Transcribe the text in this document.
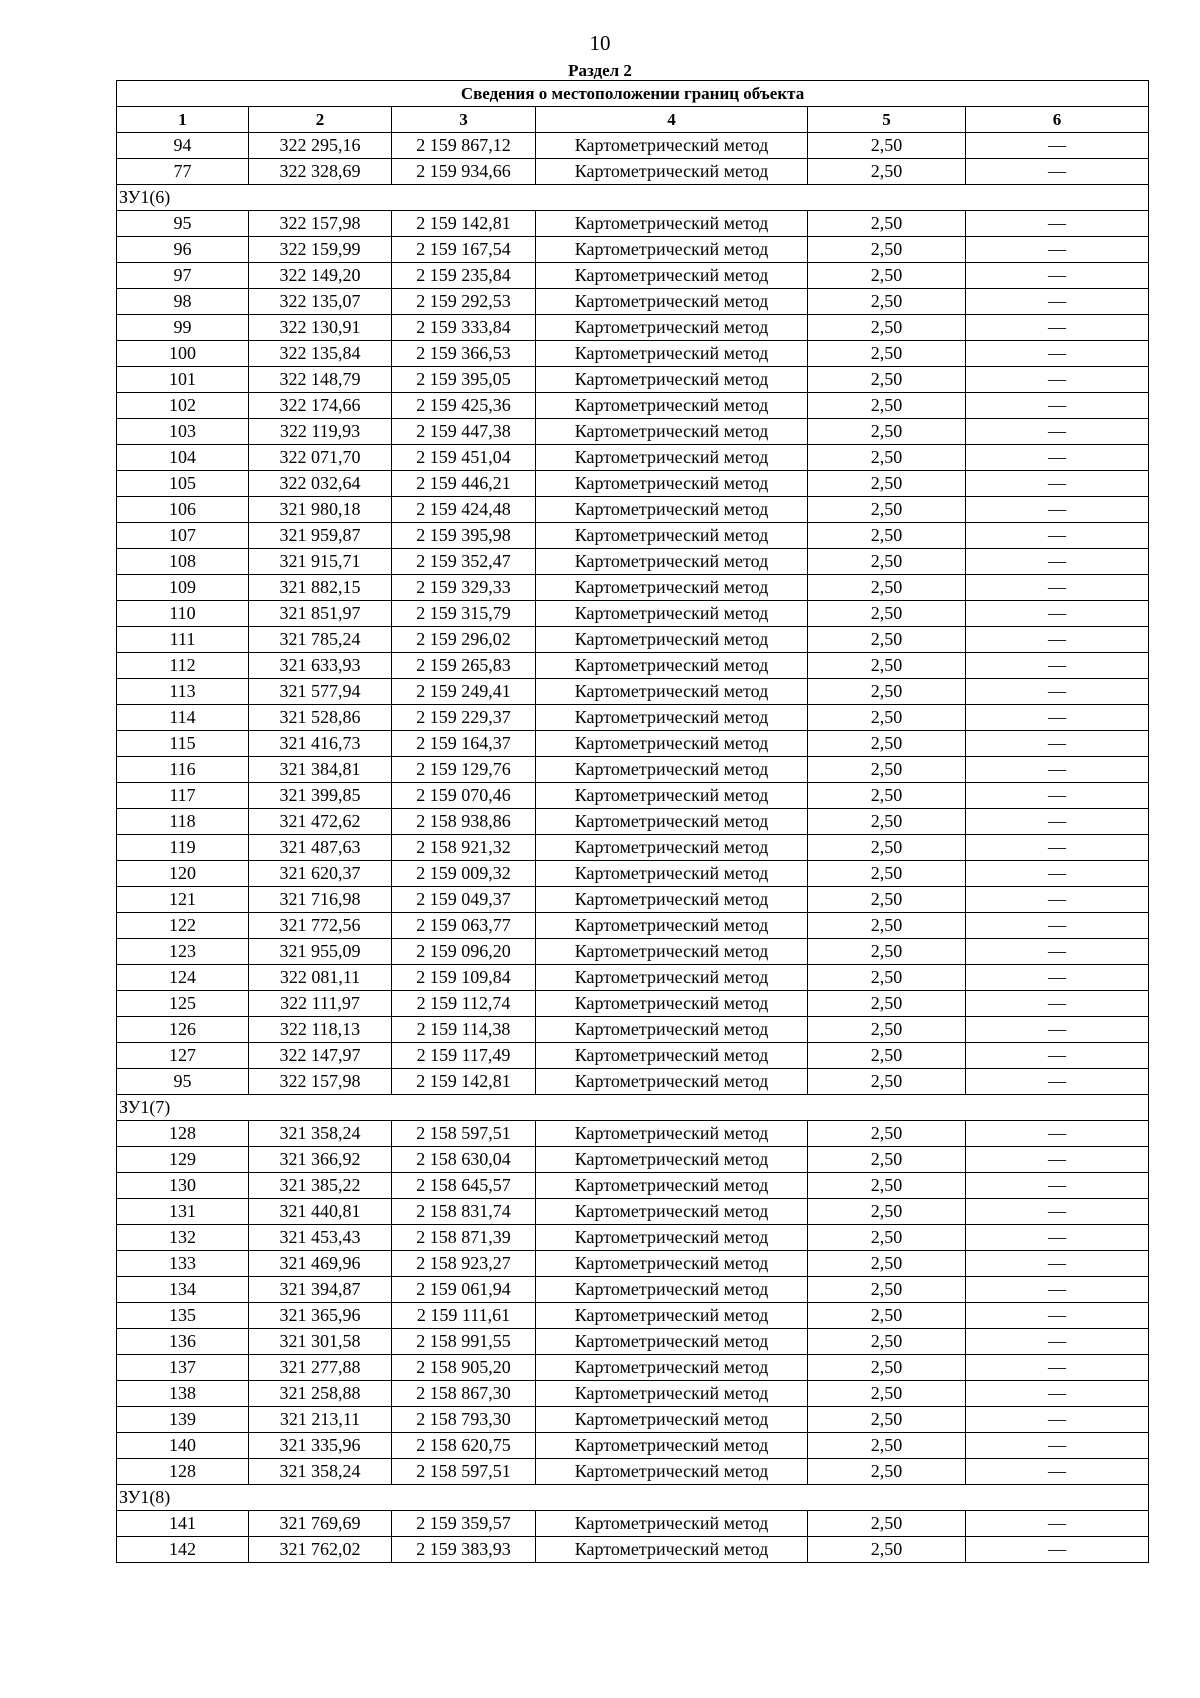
10
Раздел 2
Сведения о местоположении границ объекта					
1	2	3	4	5	6
94	322 295,16	2 159 867,12	Картометрический метод	2,50	—
77	322 328,69	2 159 934,66	Картометрический метод	2,50	—
ЗУ1(6)					
95	322 157,98	2 159 142,81	Картометрический метод	2,50	—
96	322 159,99	2 159 167,54	Картометрический метод	2,50	—
97	322 149,20	2 159 235,84	Картометрический метод	2,50	—
98	322 135,07	2 159 292,53	Картометрический метод	2,50	—
99	322 130,91	2 159 333,84	Картометрический метод	2,50	—
100	322 135,84	2 159 366,53	Картометрический метод	2,50	—
101	322 148,79	2 159 395,05	Картометрический метод	2,50	—
102	322 174,66	2 159 425,36	Картометрический метод	2,50	—
103	322 119,93	2 159 447,38	Картометрический метод	2,50	—
104	322 071,70	2 159 451,04	Картометрический метод	2,50	—
105	322 032,64	2 159 446,21	Картометрический метод	2,50	—
106	321 980,18	2 159 424,48	Картометрический метод	2,50	—
107	321 959,87	2 159 395,98	Картометрический метод	2,50	—
108	321 915,71	2 159 352,47	Картометрический метод	2,50	—
109	321 882,15	2 159 329,33	Картометрический метод	2,50	—
110	321 851,97	2 159 315,79	Картометрический метод	2,50	—
111	321 785,24	2 159 296,02	Картометрический метод	2,50	—
112	321 633,93	2 159 265,83	Картометрический метод	2,50	—
113	321 577,94	2 159 249,41	Картометрический метод	2,50	—
114	321 528,86	2 159 229,37	Картометрический метод	2,50	—
115	321 416,73	2 159 164,37	Картометрический метод	2,50	—
116	321 384,81	2 159 129,76	Картометрический метод	2,50	—
117	321 399,85	2 159 070,46	Картометрический метод	2,50	—
118	321 472,62	2 158 938,86	Картометрический метод	2,50	—
119	321 487,63	2 158 921,32	Картометрический метод	2,50	—
120	321 620,37	2 159 009,32	Картометрический метод	2,50	—
121	321 716,98	2 159 049,37	Картометрический метод	2,50	—
122	321 772,56	2 159 063,77	Картометрический метод	2,50	—
123	321 955,09	2 159 096,20	Картометрический метод	2,50	—
124	322 081,11	2 159 109,84	Картометрический метод	2,50	—
125	322 111,97	2 159 112,74	Картометрический метод	2,50	—
126	322 118,13	2 159 114,38	Картометрический метод	2,50	—
127	322 147,97	2 159 117,49	Картометрический метод	2,50	—
95	322 157,98	2 159 142,81	Картометрический метод	2,50	—
ЗУ1(7)					
128	321 358,24	2 158 597,51	Картометрический метод	2,50	—
129	321 366,92	2 158 630,04	Картометрический метод	2,50	—
130	321 385,22	2 158 645,57	Картометрический метод	2,50	—
131	321 440,81	2 158 831,74	Картометрический метод	2,50	—
132	321 453,43	2 158 871,39	Картометрический метод	2,50	—
133	321 469,96	2 158 923,27	Картометрический метод	2,50	—
134	321 394,87	2 159 061,94	Картометрический метод	2,50	—
135	321 365,96	2 159 111,61	Картометрический метод	2,50	—
136	321 301,58	2 158 991,55	Картометрический метод	2,50	—
137	321 277,88	2 158 905,20	Картометрический метод	2,50	—
138	321 258,88	2 158 867,30	Картометрический метод	2,50	—
139	321 213,11	2 158 793,30	Картометрический метод	2,50	—
140	321 335,96	2 158 620,75	Картометрический метод	2,50	—
128	321 358,24	2 158 597,51	Картометрический метод	2,50	—
ЗУ1(8)					
141	321 769,69	2 159 359,57	Картометрический метод	2,50	—
142	321 762,02	2 159 383,93	Картометрический метод	2,50	—
